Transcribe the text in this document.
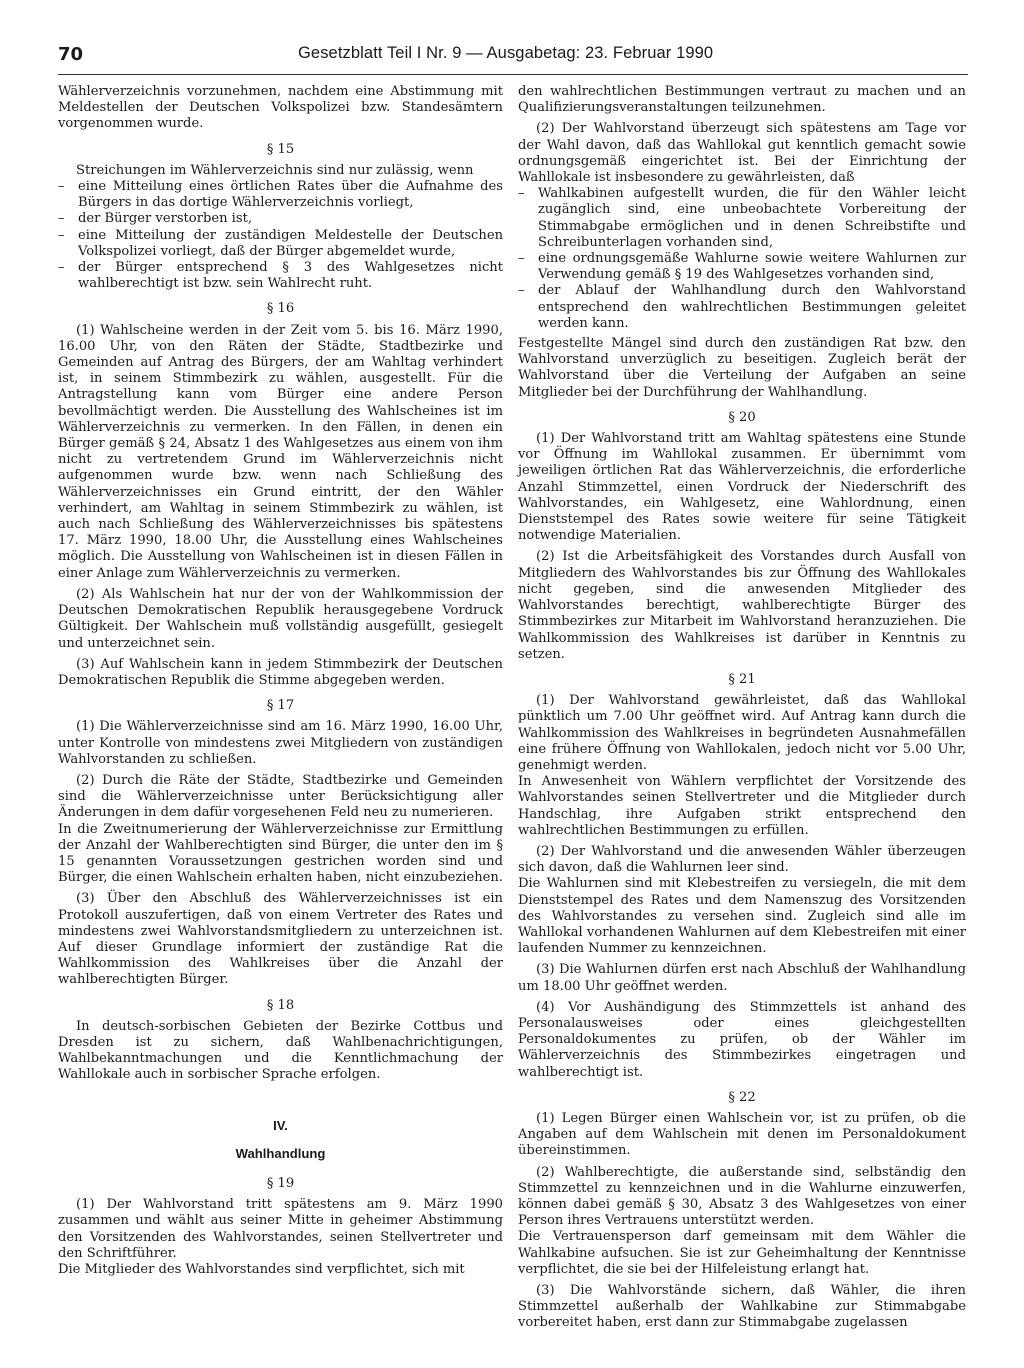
70	Gesetzblatt Teil I Nr. 9 — Ausgabetag: 23. Februar 1990

Wählerverzeichnis vorzunehmen, nachdem eine Abstimmung mit Meldestellen der Deutschen Volkspolizei bzw. Standesämtern vorgenommen wurde.

§ 15

Streichungen im Wählerverzeichnis sind nur zulässig, wenn

– eine Mitteilung eines örtlichen Rates über die Aufnahme des Bürgers in das dortige Wählerverzeichnis vorliegt,
– der Bürger verstorben ist,
– eine Mitteilung der zuständigen Meldestelle der Deutschen Volkspolizei vorliegt, daß der Bürger abgemeldet wurde,
– der Bürger entsprechend § 3 des Wahlgesetzes nicht wahlberechtigt ist bzw. sein Wahlrecht ruht.
§ 16

(1) Wahlscheine werden in der Zeit vom 5. bis 16. März 1990, 16.00 Uhr, von den Räten der Städte, Stadtbezirke und Gemeinden auf Antrag des Bürgers, der am Wahltag verhindert ist, in seinem Stimmbezirk zu wählen, ausgestellt. Für die Antragstellung kann vom Bürger eine andere Person bevollmächtigt werden. Die Ausstellung des Wahlscheines ist im Wählerverzeichnis zu vermerken. In den Fällen, in denen ein Bürger gemäß § 24, Absatz 1 des Wahlgesetzes aus einem von ihm nicht zu vertretendem Grund im Wählerverzeichnis nicht aufgenommen wurde bzw. wenn nach Schließung des Wählerverzeichnisses ein Grund eintritt, der den Wähler verhindert, am Wahltag in seinem Stimmbezirk zu wählen, ist auch nach Schließung des Wählerverzeichnisses bis spätestens 17. März 1990, 18.00 Uhr, die Ausstellung eines Wahlscheines möglich. Die Ausstellung von Wahlscheinen ist in diesen Fällen in einer Anlage zum Wählerverzeichnis zu vermerken.

(2) Als Wahlschein hat nur der von der Wahlkommission der Deutschen Demokratischen Republik herausgegebene Vordruck Gültigkeit. Der Wahlschein muß vollständig ausgefüllt, gesiegelt und unterzeichnet sein.

(3) Auf Wahlschein kann in jedem Stimmbezirk der Deutschen Demokratischen Republik die Stimme abgegeben werden.

§ 17

(1) Die Wählerverzeichnisse sind am 16. März 1990, 16.00 Uhr, unter Kontrolle von mindestens zwei Mitgliedern von zuständigen Wahlvorstanden zu schließen.

(2) Durch die Räte der Städte, Stadtbezirke und Gemeinden sind die Wählerverzeichnisse unter Berücksichtigung aller Änderungen in dem dafür vorgesehenen Feld neu zu numerieren.

In die Zweitnumerierung der Wählerverzeichnisse zur Ermittlung der Anzahl der Wahlberechtigten sind Bürger, die unter den im § 15 genannten Voraussetzungen gestrichen worden sind und Bürger, die einen Wahlschein erhalten haben, nicht einzubeziehen.

(3) Über den Abschluß des Wählerverzeichnisses ist ein Protokoll auszufertigen, daß von einem Vertreter des Rates und mindestens zwei Wahlvorstandsmitgliedern zu unterzeichnen ist. Auf dieser Grundlage informiert der zuständige Rat die Wahlkommission des Wahlkreises über die Anzahl der wahlberechtigten Bürger.

§ 18

In deutsch-sorbischen Gebieten der Bezirke Cottbus und Dresden ist zu sichern, daß Wahlbenachrichtigungen, Wahlbekanntmachungen und die Kenntlichmachung der Wahllokale auch in sorbischer Sprache erfolgen.

IV.
Wahlhandlung
§ 19

(1) Der Wahlvorstand tritt spätestens am 9. März 1990 zusammen und wählt aus seiner Mitte in geheimer Abstimmung den Vorsitzenden des Wahlvorstandes, seinen Stellvertreter und den Schriftführer.

Die Mitglieder des Wahlvorstandes sind verpflichtet, sich mit

den wahlrechtlichen Bestimmungen vertraut zu machen und an Qualifizierungsveranstaltungen teilzunehmen.

(2) Der Wahlvorstand überzeugt sich spätestens am Tage vor der Wahl davon, daß das Wahllokal gut kenntlich gemacht sowie ordnungsgemäß eingerichtet ist. Bei der Einrichtung der Wahllokale ist insbesondere zu gewährleisten, daß

– Wahlkabinen aufgestellt wurden, die für den Wähler leicht zugänglich sind, eine unbeobachtete Vorbereitung der Stimmabgabe ermöglichen und in denen Schreibstifte und Schreibunterlagen vorhanden sind,
– eine ordnungsgemäße Wahlurne sowie weitere Wahlurnen zur Verwendung gemäß § 19 des Wahlgesetzes vorhanden sind,
– der Ablauf der Wahlhandlung durch den Wahlvorstand entsprechend den wahlrechtlichen Bestimmungen geleitet werden kann.

Festgestellte Mängel sind durch den zuständigen Rat bzw. den Wahlvorstand unverzüglich zu beseitigen. Zugleich berät der Wahlvorstand über die Verteilung der Aufgaben an seine Mitglieder bei der Durchführung der Wahlhandlung.

§ 20

(1) Der Wahlvorstand tritt am Wahltag spätestens eine Stunde vor Öffnung im Wahllokal zusammen. Er übernimmt vom jeweiligen örtlichen Rat das Wählerverzeichnis, die erforderliche Anzahl Stimmzettel, einen Vordruck der Niederschrift des Wahlvorstandes, ein Wahlgesetz, eine Wahlordnung, einen Dienststempel des Rates sowie weitere für seine Tätigkeit notwendige Materialien.

(2) Ist die Arbeitsfähigkeit des Vorstandes durch Ausfall von Mitgliedern des Wahlvorstandes bis zur Öffnung des Wahllokales nicht gegeben, sind die anwesenden Mitglieder des Wahlvorstandes berechtigt, wahlberechtigte Bürger des Stimmbezirkes zur Mitarbeit im Wahlvorstand heranzuziehen. Die Wahlkommission des Wahlkreises ist darüber in Kenntnis zu setzen.

§ 21

(1) Der Wahlvorstand gewährleistet, daß das Wahllokal pünktlich um 7.00 Uhr geöffnet wird. Auf Antrag kann durch die Wahlkommission des Wahlkreises in begründeten Ausnahmefällen eine frühere Öffnung von Wahllokalen, jedoch nicht vor 5.00 Uhr, genehmigt werden.

In Anwesenheit von Wählern verpflichtet der Vorsitzende des Wahlvorstandes seinen Stellvertreter und die Mitglieder durch Handschlag, ihre Aufgaben strikt entsprechend den wahlrechtlichen Bestimmungen zu erfüllen.

(2) Der Wahlvorstand und die anwesenden Wähler überzeugen sich davon, daß die Wahlurnen leer sind.

Die Wahlurnen sind mit Klebestreifen zu versiegeln, die mit dem Dienststempel des Rates und dem Namenszug des Vorsitzenden des Wahlvorstandes zu versehen sind. Zugleich sind alle im Wahllokal vorhandenen Wahlurnen auf dem Klebestreifen mit einer laufenden Nummer zu kennzeichnen.

(3) Die Wahlurnen dürfen erst nach Abschluß der Wahlhandlung um 18.00 Uhr geöffnet werden.

(4) Vor Aushändigung des Stimmzettels ist anhand des Personalausweises oder eines gleichgestellten Personaldokumentes zu prüfen, ob der Wähler im Wählerverzeichnis des Stimmbezirkes eingetragen und wahlberechtigt ist.

§ 22

(1) Legen Bürger einen Wahlschein vor, ist zu prüfen, ob die Angaben auf dem Wahlschein mit denen im Personaldokument übereinstimmen.

(2) Wahlberechtigte, die außerstande sind, selbständig den Stimmzettel zu kennzeichnen und in die Wahlurne einzuwerfen, können dabei gemäß § 30, Absatz 3 des Wahlgesetzes von einer Person ihres Vertrauens unterstützt werden.

Die Vertrauensperson darf gemeinsam mit dem Wähler die Wahlkabine aufsuchen. Sie ist zur Geheimhaltung der Kenntnisse verpflichtet, die sie bei der Hilfeleistung erlangt hat.

(3) Die Wahlvorstände sichern, daß Wähler, die ihren Stimmzettel außerhalb der Wahlkabine zur Stimmabgabe vorbereitet haben, erst dann zur Stimmabgabe zugelassen
